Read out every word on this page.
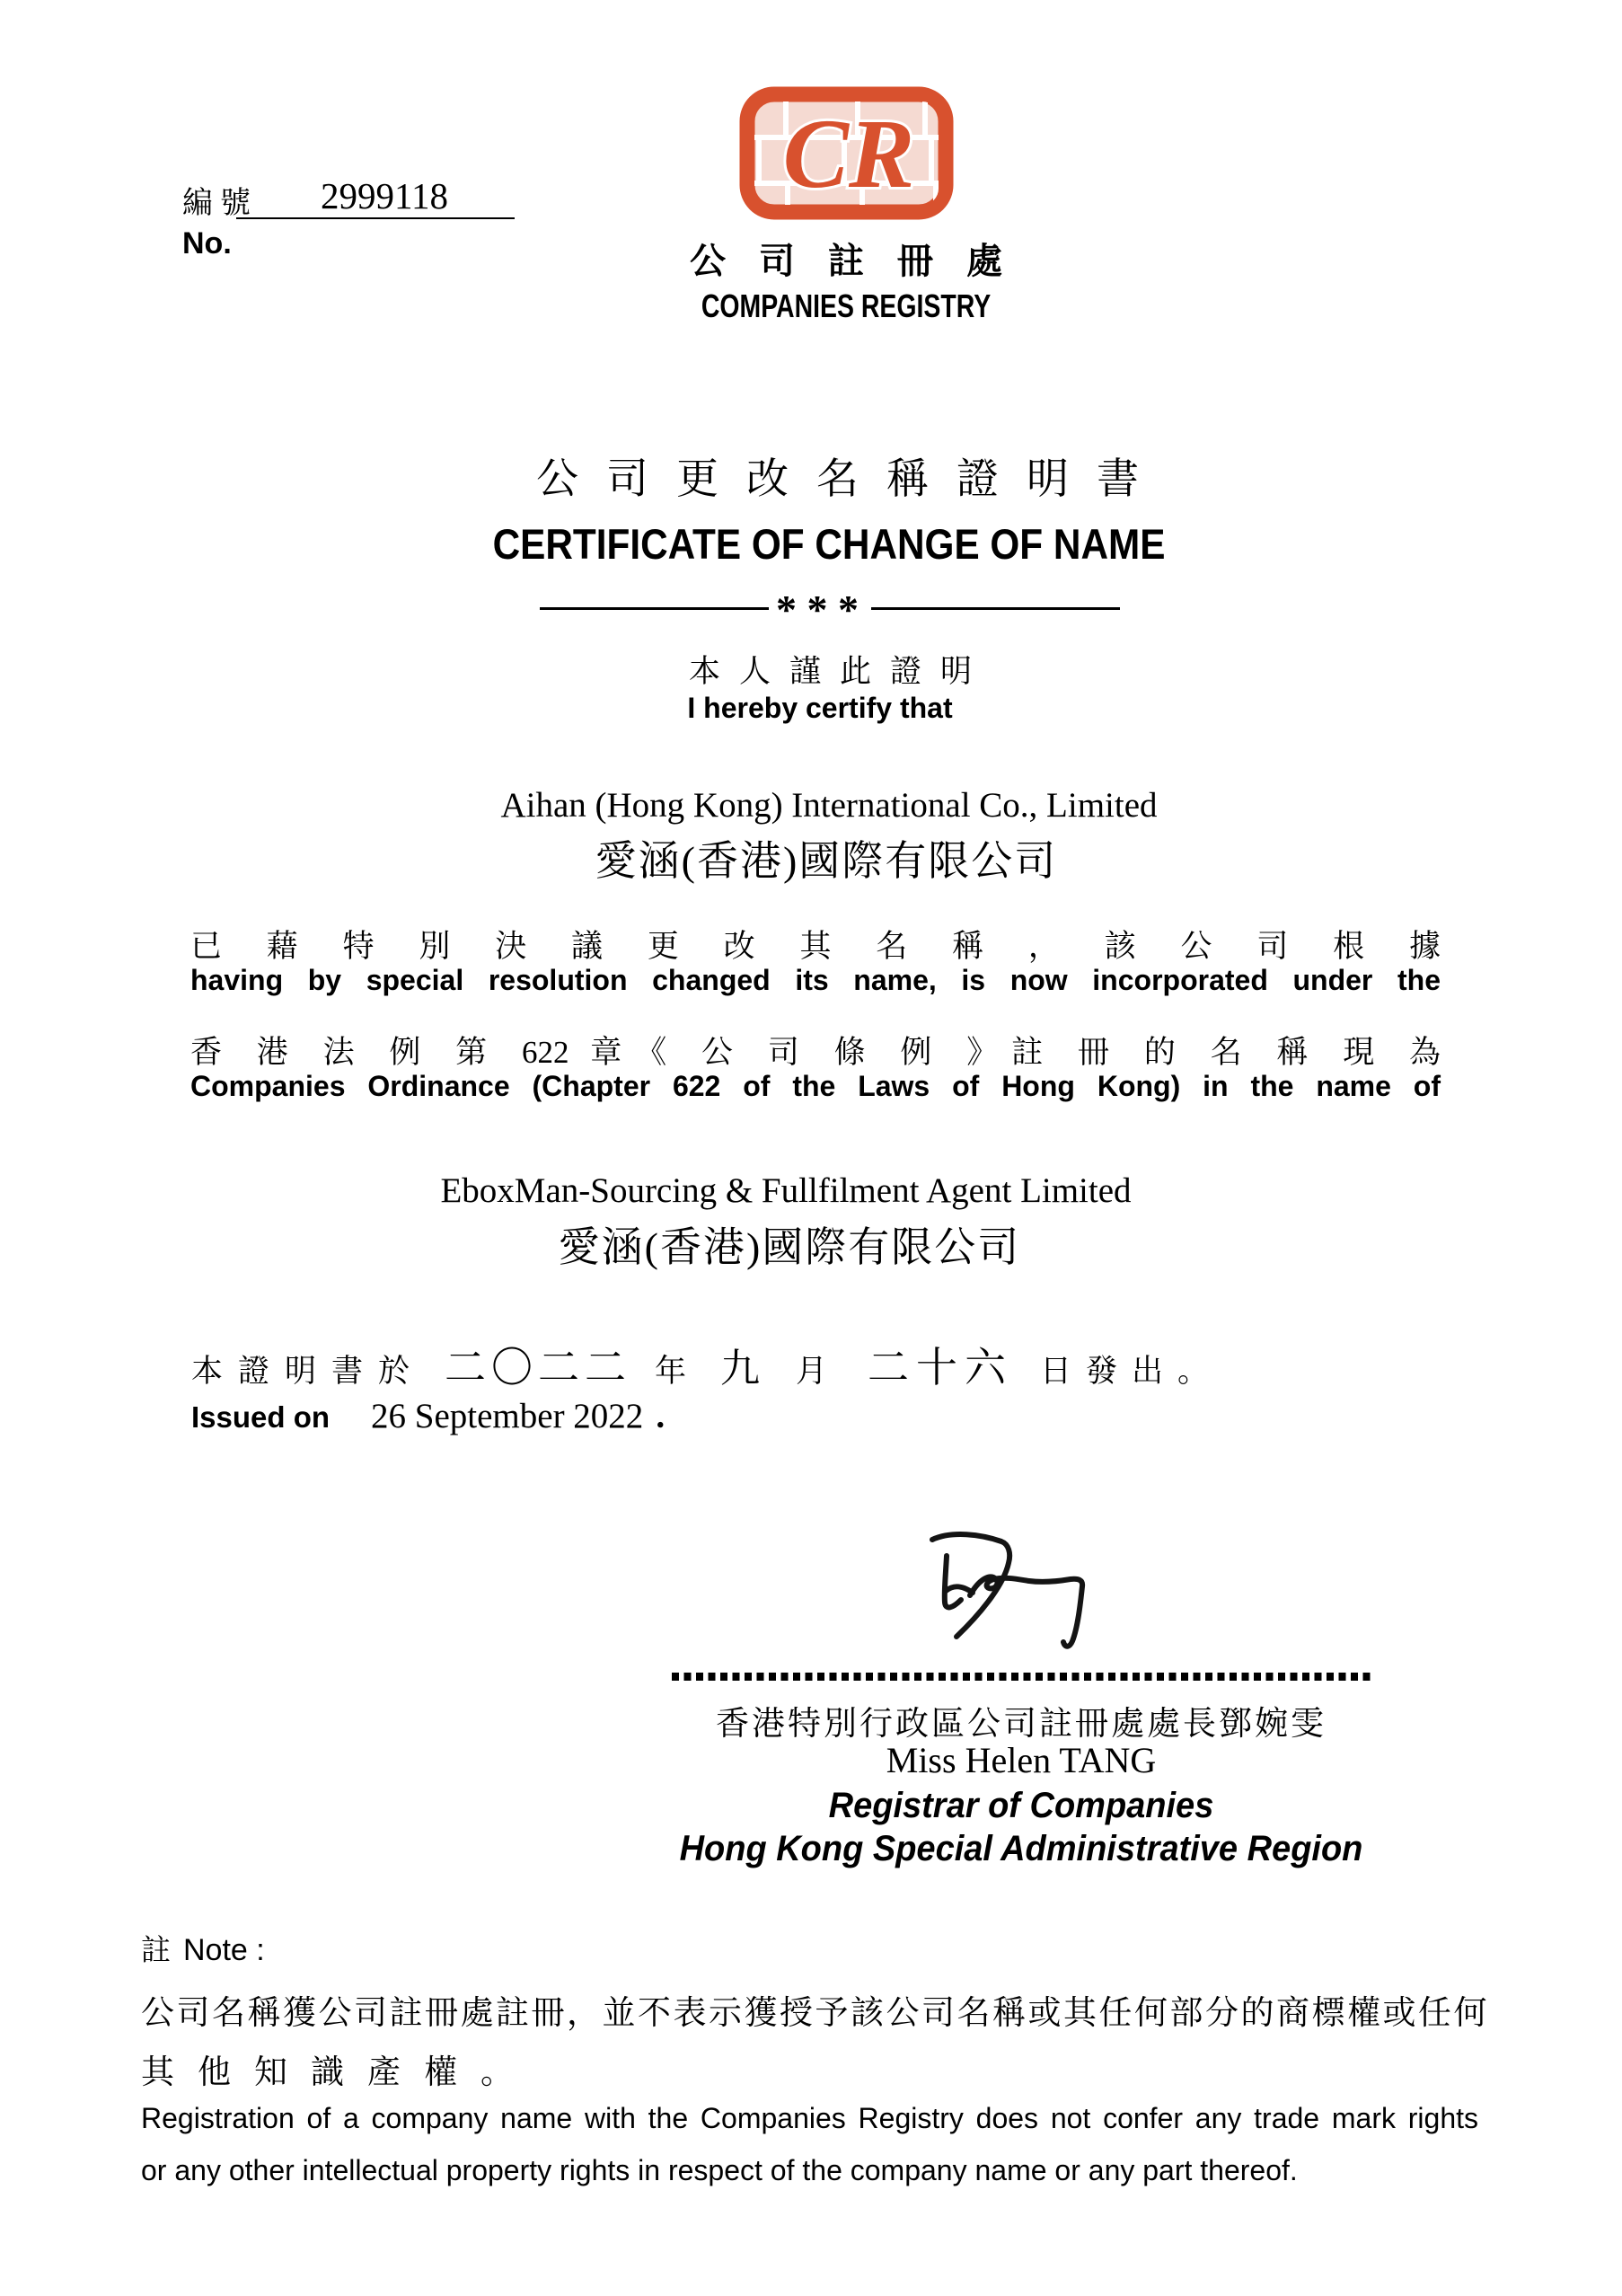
編號 2999118
No.
CR
公司註冊處
COMPANIES REGISTRY
公司更改名稱證明書
CERTIFICATE OF CHANGE OF NAME
* * *
本人謹此證明
I hereby certify that
Aihan (Hong Kong) International Co., Limited
愛涵(香港)國際有限公司
已 藉 特 別 決 議 更 改 其 名 稱 ， 該 公 司 根 據
having by special resolution changed its name, is now incorporated under the
香 港 法 例 第 622 章《 公 司 條 例 》註 冊 的 名 稱 現 為
Companies Ordinance (Chapter 622 of the Laws of Hong Kong) in the name of
EboxMan-Sourcing & Fullfilment Agent Limited
愛涵(香港)國際有限公司
本證明書於 二〇二二 年 九 月 二十六 日發出。
Issued on 26 September 2022 .
香港特別行政區公司註冊處處長鄧婉雯
Miss Helen TANG
Registrar of Companies
Hong Kong Special Administrative Region
註 Note :
公司名稱獲公司註冊處註冊，並不表示獲授予該公司名稱或其任何部分的商標權或任何
其他知識產權。
Registration of a company name with the Companies Registry does not confer any trade mark rights
or any other intellectual property rights in respect of the company name or any part thereof.
